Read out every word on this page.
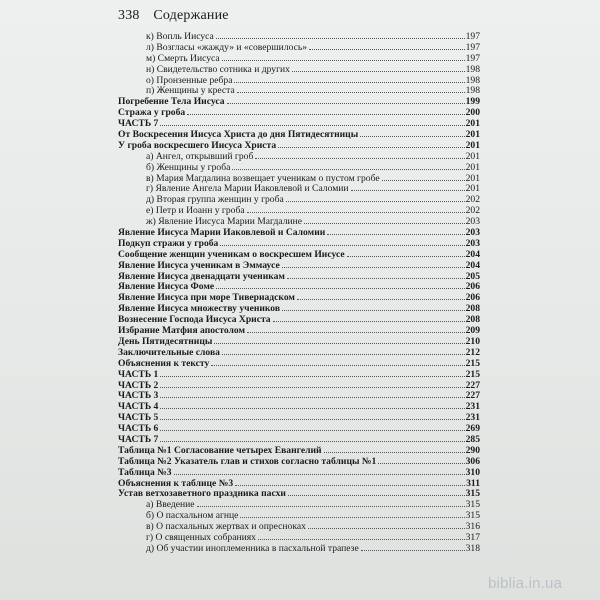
338 Содержание
к) Вопль Иисуса	197
л) Возгласы «жажду» и «совершилось»	197
м) Смерть Иисуса	197
н) Свидетельство сотника и других	198
о) Пронзенные ребра	198
п) Женщины у креста	198
Погребение Тела Иисуса	199
Стража у гроба	200
ЧАСТЬ 7	201
От Воскресения Иисуса Христа до дня Пятидесятницы	201
У гроба воскресшего Иисуса Христа	201
а) Ангел, открывший гроб	201
б) Женщины у гроба	201
в) Мария Магдалина возвещает ученикам о пустом гробе	201
г) Явление Ангела Марии Иаковлевой и Саломии	201
д) Вторая группа женщин у гроба	202
е) Петр и Иоанн у гроба	202
ж) Явление Иисуса Марии Магдалине	203
Явление Иисуса Марии Иаковлевой и Саломии	203
Подкуп стражи у гроба	203
Сообщение женщин ученикам о воскресшем Иисусе	204
Явление Иисуса ученикам в Эммаусе	204
Явление Иисуса двенадцати ученикам	205
Явление Иисуса Фоме	206
Явление Иисуса при море Тивериадском	206
Явление Иисуса множеству учеников	208
Вознесение Господа Иисуса Христа	208
Избрание Матфия апостолом	209
День Пятидесятницы	210
Заключительные слова	212
Объяснения к тексту	215
ЧАСТЬ 1	215
ЧАСТЬ 2	227
ЧАСТЬ 3	227
ЧАСТЬ 4	231
ЧАСТЬ 5	231
ЧАСТЬ 6	269
ЧАСТЬ 7	285
Таблица №1 Согласование четырех Евангелий	290
Таблица №2 Указатель глав и стихов согласно таблицы №1	306
Таблица №3	310
Объяснения к таблице №3	311
Устав ветхозаветного праздника пасхи	315
а) Введение	315
б) О пасхальном агнце	315
в) О пасхальных жертвах и опресноках	316
г) О священных собраниях	317
д) Об участии иноплеменника в пасхальной трапезе	318
biblia.in.ua
